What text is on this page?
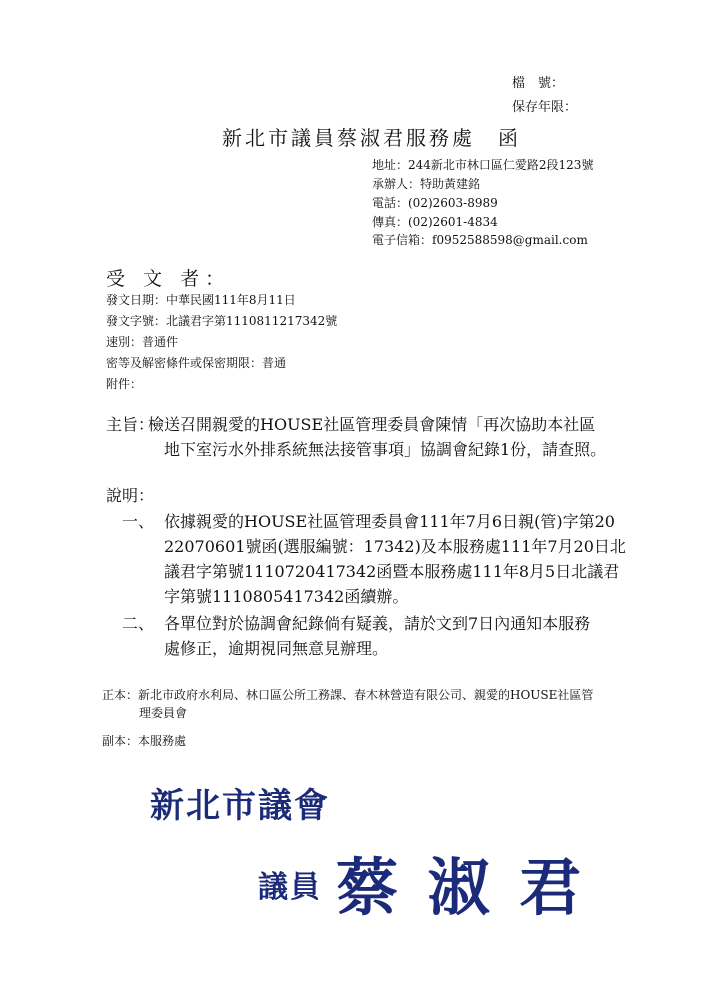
檔　號：
保存年限：
新北市議員蔡淑君服務處　函
地址：244新北市林口區仁愛路2段123號
承辦人：特助黃建銘
電話：(02)2603-8989
傳真：(02)2601-4834
電子信箱：f0952588598@gmail.com
受 文 者：
發文日期：中華民國111年8月11日
發文字號：北議君字第1110811217342號
速別：普通件
密等及解密條件或保密期限：普通
附件：
主旨：
檢送召開親愛的HOUSE社區管理委員會陳情「再次協助本社區
地下室污水外排系統無法接管事項」協調會紀錄1份，請查照。
說明：
一、 依據親愛的HOUSE社區管理委員會111年7月6日親(管)字第20
22070601號函(選服編號：17342)及本服務處111年7月20日北
議君字第號1110720417342函暨本服務處111年8月5日北議君
字第號1110805417342函續辦。
二、 各單位對於協調會紀錄倘有疑義，請於文到7日內通知本服務
處修正，逾期視同無意見辦理。
正本：新北市政府水利局、林口區公所工務課、春木林營造有限公司、親愛的HOUSE社區管
理委員會
副本：本服務處
新北市議會
議員 蔡 淑 君
